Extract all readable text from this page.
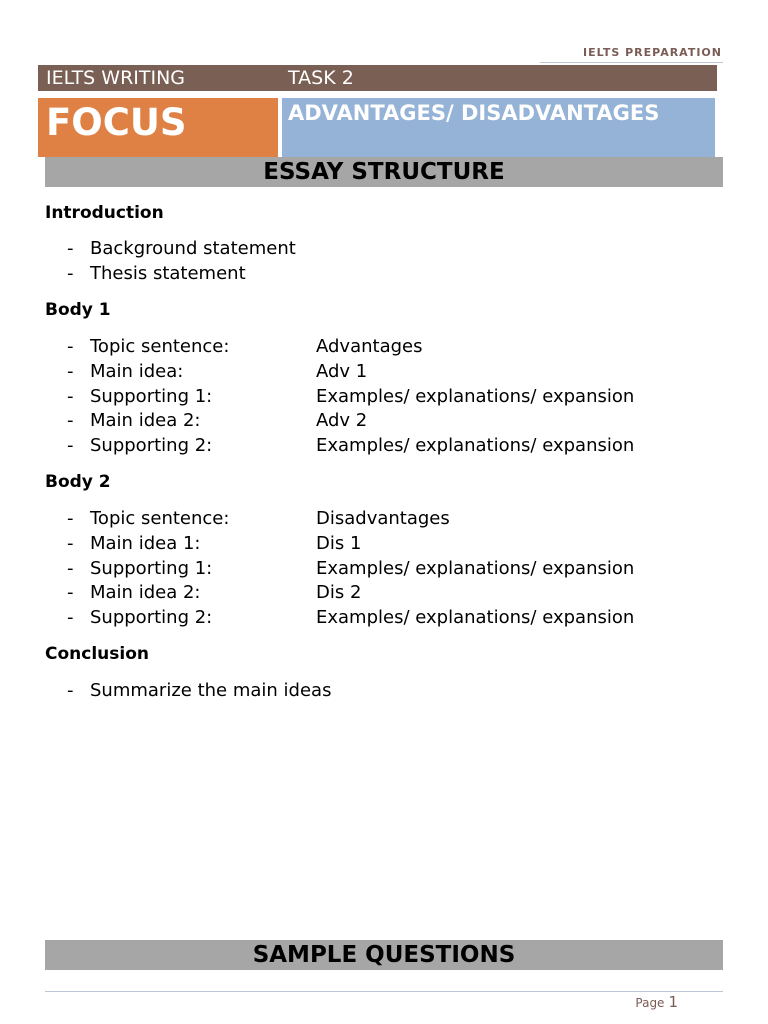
IELTS PREPARATION
IELTS WRITING	TASK 2
FOCUS	ADVANTAGES/ DISADVANTAGES
ESSAY STRUCTURE
Introduction
- Background statement
- Thesis statement
Body 1
- Topic sentence:	Advantages
- Main idea:	Adv 1
- Supporting 1:	Examples/ explanations/ expansion
- Main idea 2:	Adv 2
- Supporting 2:	Examples/ explanations/ expansion
Body 2
- Topic sentence:	Disadvantages
- Main idea 1:	Dis 1
- Supporting 1:	Examples/ explanations/ expansion
- Main idea 2:	Dis 2
- Supporting 2:	Examples/ explanations/ expansion
Conclusion
- Summarize the main ideas
SAMPLE QUESTIONS
Page 1
